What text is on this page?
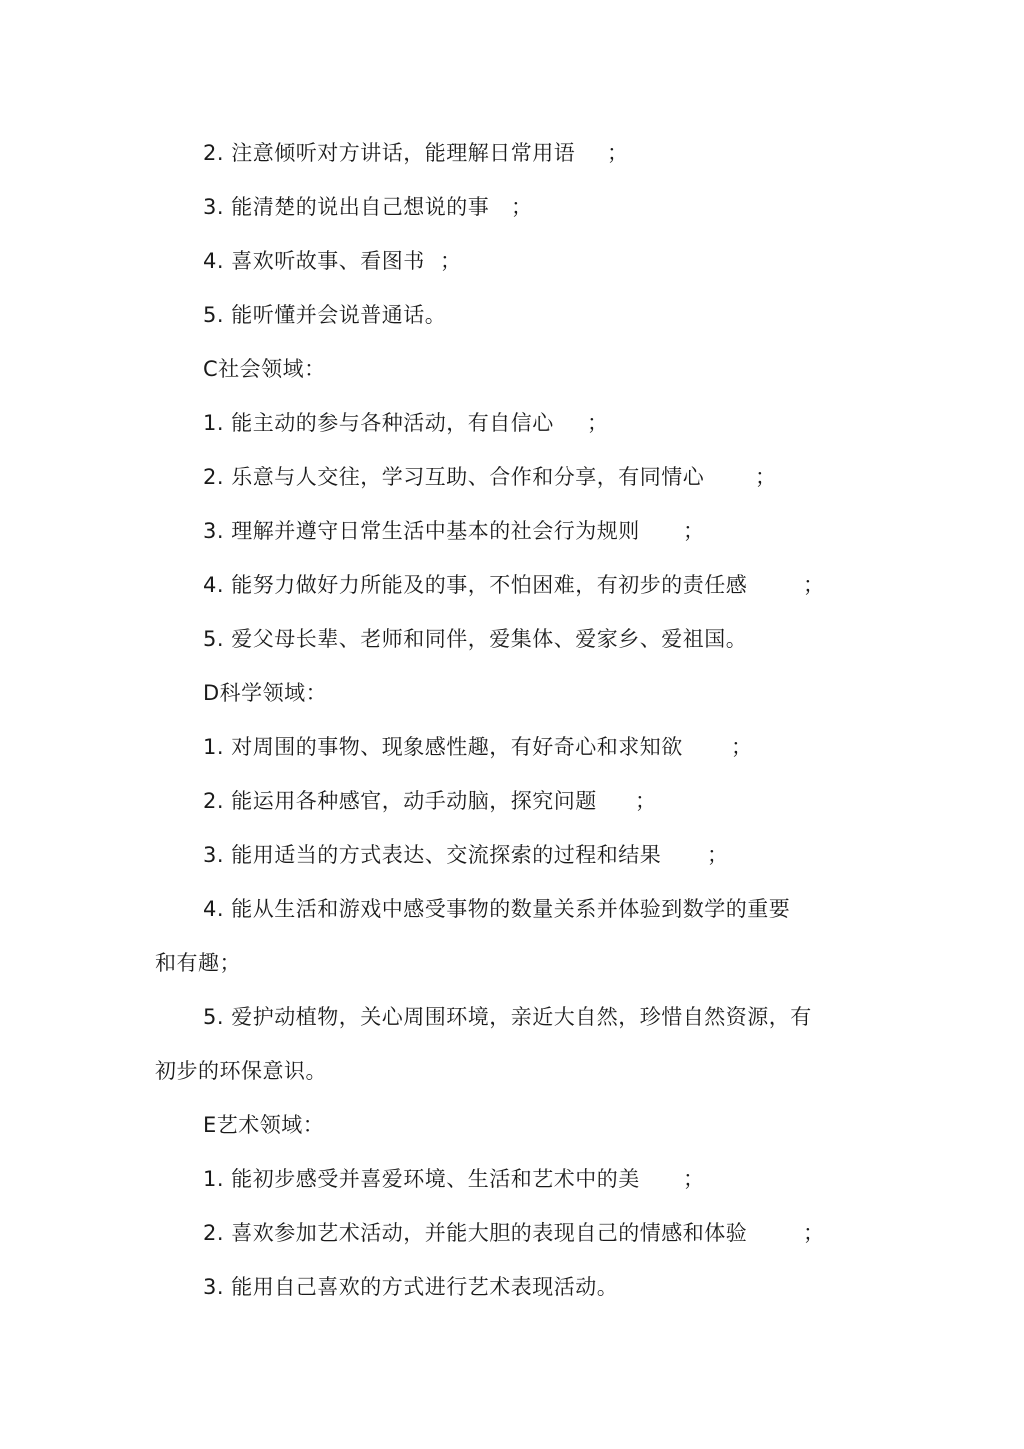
2. 注意倾听对方讲话，能理解日常用语 ；
3. 能清楚的说出自己想说的事 ；
4. 喜欢听故事、看图书 ；
5. 能听懂并会说普通话。
C社会领域：
1. 能主动的参与各种活动，有自信心 ；
2. 乐意与人交往，学习互助、合作和分享，有同情心 ；
3. 理解并遵守日常生活中基本的社会行为规则 ；
4. 能努力做好力所能及的事，不怕困难，有初步的责任感	；
5. 爱父母长辈、老师和同伴，爱集体、爱家乡、爱祖国。
D科学领域：
1. 对周围的事物、现象感性趣，有好奇心和求知欲 ；
2. 能运用各种感官，动手动脑，探究问题 ；
3. 能用适当的方式表达、交流探索的过程和结果 ；
4. 能从生活和游戏中感受事物的数量关系并体验到数学的重要
和有趣；
5. 爱护动植物，关心周围环境，亲近大自然，珍惜自然资源，有
初步的环保意识。
E艺术领域：
1. 能初步感受并喜爱环境、生活和艺术中的美 ；
2. 喜欢参加艺术活动，并能大胆的表现自己的情感和体验	；
3. 能用自己喜欢的方式进行艺术表现活动。
